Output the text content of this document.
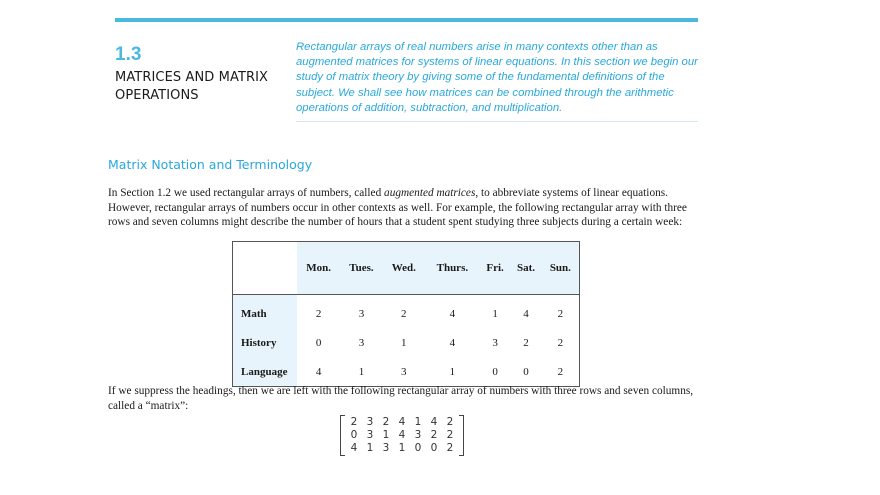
1.3
MATRICES AND MATRIX OPERATIONS
Rectangular arrays of real numbers arise in many contexts other than as augmented matrices for systems of linear equations. In this section we begin our study of matrix theory by giving some of the fundamental definitions of the subject. We shall see how matrices can be combined through the arithmetic operations of addition, subtraction, and multiplication.
Matrix Notation and Terminology
In Section 1.2 we used rectangular arrays of numbers, called augmented matrices, to abbreviate systems of linear equations. However, rectangular arrays of numbers occur in other contexts as well. For example, the following rectangular array with three rows and seven columns might describe the number of hours that a student spent studying three subjects during a certain week:
	Mon.	Tues.	Wed.	Thurs.	Fri.	Sat.	Sun.
Math	2	3	2	4	1	4	2
History	0	3	1	4	3	2	2
Language	4	1	3	1	0	0	2
If we suppress the headings, then we are left with the following rectangular array of numbers with three rows and seven columns, called a “matrix”:
2 3 2 4 1 4 2
0 3 1 4 3 2 2
4 1 3 1 0 0 2
